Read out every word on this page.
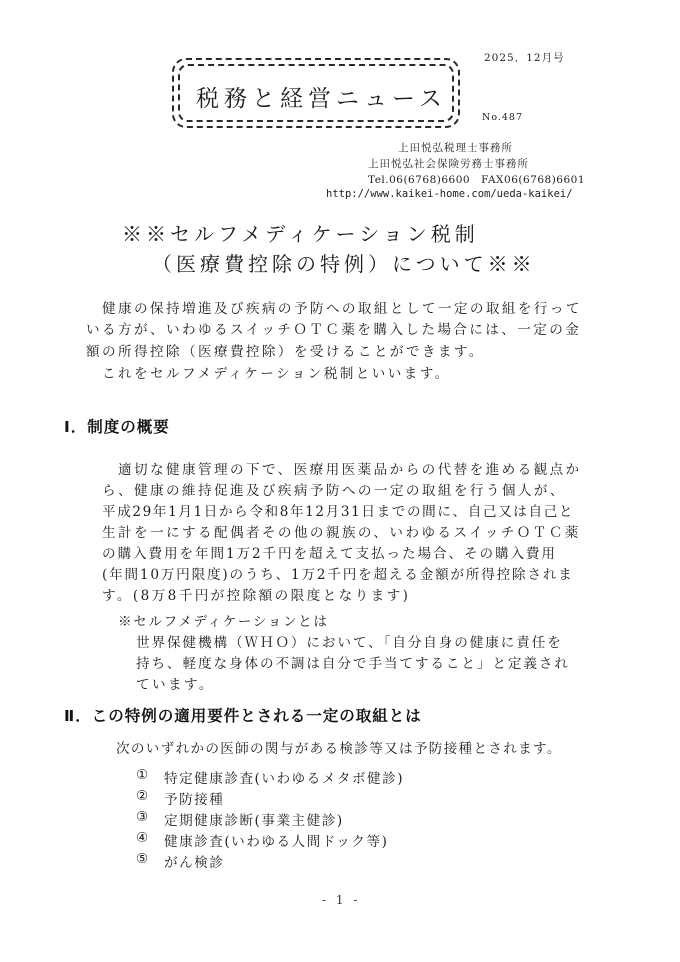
税務と経営ニュース
2025．12月号
No.487
上田悦弘税理士事務所
上田悦弘社会保険労務士事務所
Tel.06(6768)6600　FAX06(6768)6601
http://www.kaikei-home.com/ueda-kaikei/
※※セルフメディケーション税制
（医療費控除の特例）について※※
健康の保持増進及び疾病の予防への取組として一定の取組を行って
いる方が、いわゆるスイッチＯＴＣ薬を購入した場合には、一定の金
額の所得控除（医療費控除）を受けることができます。
これをセルフメディケーション税制といいます。
Ⅰ．制度の概要
適切な健康管理の下で、医療用医薬品からの代替を進める観点か
ら、健康の維持促進及び疾病予防への一定の取組を行う個人が、
平成29年1月1日から令和8年12月31日までの間に、自己又は自己と
生計を一にする配偶者その他の親族の、いわゆるスイッチＯＴＣ薬
の購入費用を年間1万2千円を超えて支払った場合、その購入費用
(年間10万円限度)のうち、1万2千円を超える金額が所得控除されま
す。(8万8千円が控除額の限度となります)
※セルフメディケーションとは
世界保健機構（ＷＨＯ）において、「自分自身の健康に責任を
持ち、軽度な身体の不調は自分で手当てすること」と定義され
ています。
Ⅱ．この特例の適用要件とされる一定の取組とは
次のいずれかの医師の関与がある検診等又は予防接種とされます。
① 特定健康診査(いわゆるメタボ健診)
② 予防接種
③ 定期健康診断(事業主健診)
④ 健康診査(いわゆる人間ドック等)
⑤ がん検診
- 1 -
